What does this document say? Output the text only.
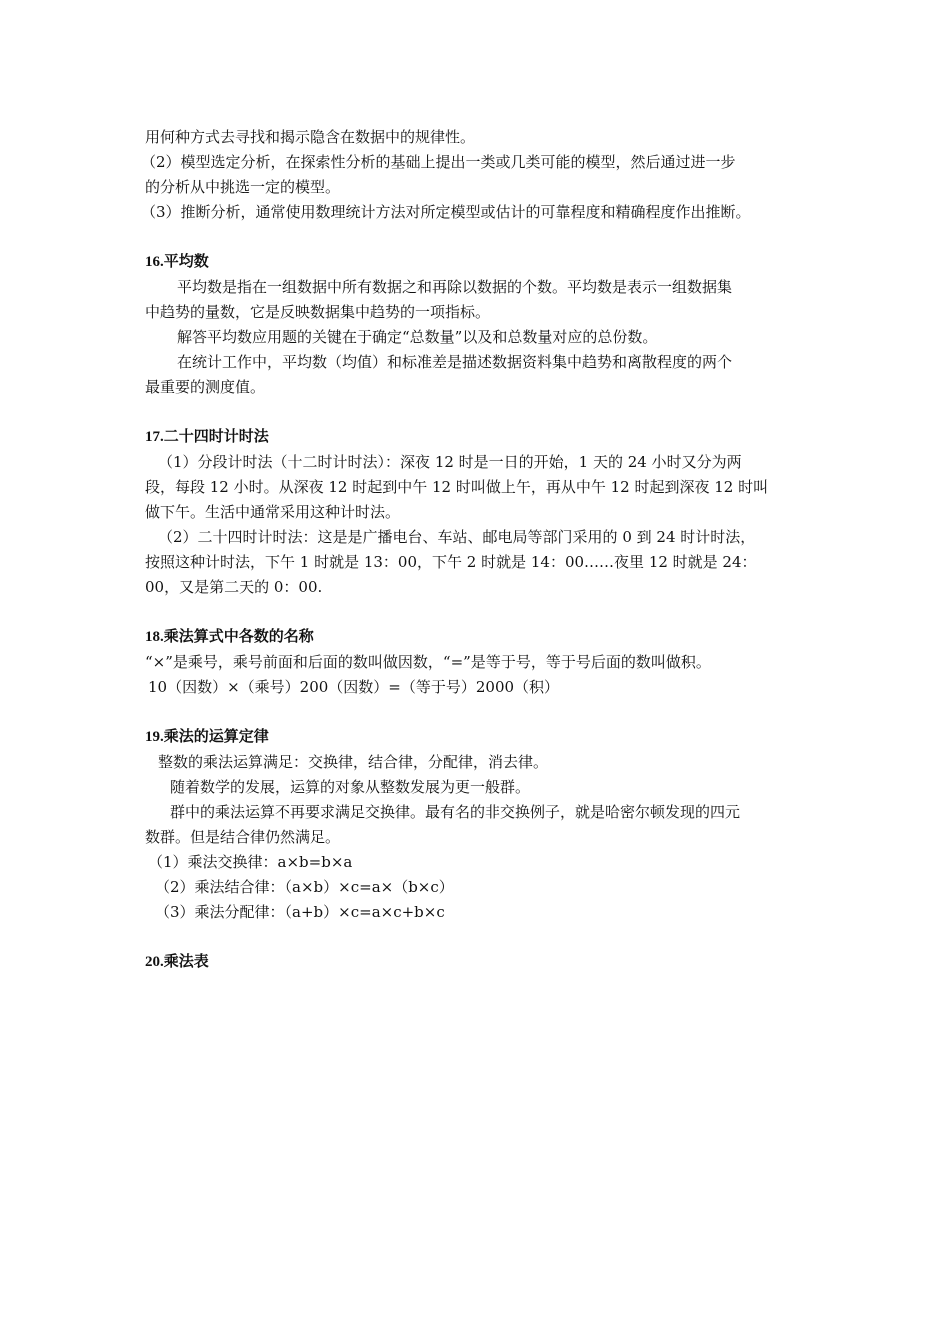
用何种方式去寻找和揭示隐含在数据中的规律性。
（2）模型选定分析，在探索性分析的基础上提出一类或几类可能的模型，然后通过进一步
的分析从中挑选一定的模型。
（3）推断分析，通常使用数理统计方法对所定模型或估计的可靠程度和精确程度作出推断。
16.平均数
平均数是指在一组数据中所有数据之和再除以数据的个数。平均数是表示一组数据集
中趋势的量数，它是反映数据集中趋势的一项指标。
解答平均数应用题的关键在于确定“总数量”以及和总数量对应的总份数。
在统计工作中，平均数（均值）和标准差是描述数据资料集中趋势和离散程度的两个
最重要的测度值。
17.二十四时计时法
（1）分段计时法（十二时计时法）：深夜 12 时是一日的开始，1 天的 24 小时又分为两
段，每段 12 小时。从深夜 12 时起到中午 12 时叫做上午，再从中午 12 时起到深夜 12 时叫
做下午。生活中通常采用这种计时法。
（2）二十四时计时法：这是是广播电台、车站、邮电局等部门采用的 0 到 24 时计时法，
按照这种计时法，下午 1 时就是 13：00，下午 2 时就是 14：00……夜里 12 时就是 24：
00，又是第二天的 0：00.
18.乘法算式中各数的名称
“×”是乘号，乘号前面和后面的数叫做因数，“=”是等于号，等于号后面的数叫做积。
10（因数）×（乘号）200（因数）=（等于号）2000（积）
19.乘法的运算定律
整数的乘法运算满足：交换律，结合律，分配律，消去律。
随着数学的发展，运算的对象从整数发展为更一般群。
群中的乘法运算不再要求满足交换律。最有名的非交换例子，就是哈密尔顿发现的四元
数群。但是结合律仍然满足。
（1）乘法交换律：a×b=b×a
（2）乘法结合律：（a×b）×c=a×（b×c）
（3）乘法分配律：（a+b）×c=a×c+b×c
20.乘法表
